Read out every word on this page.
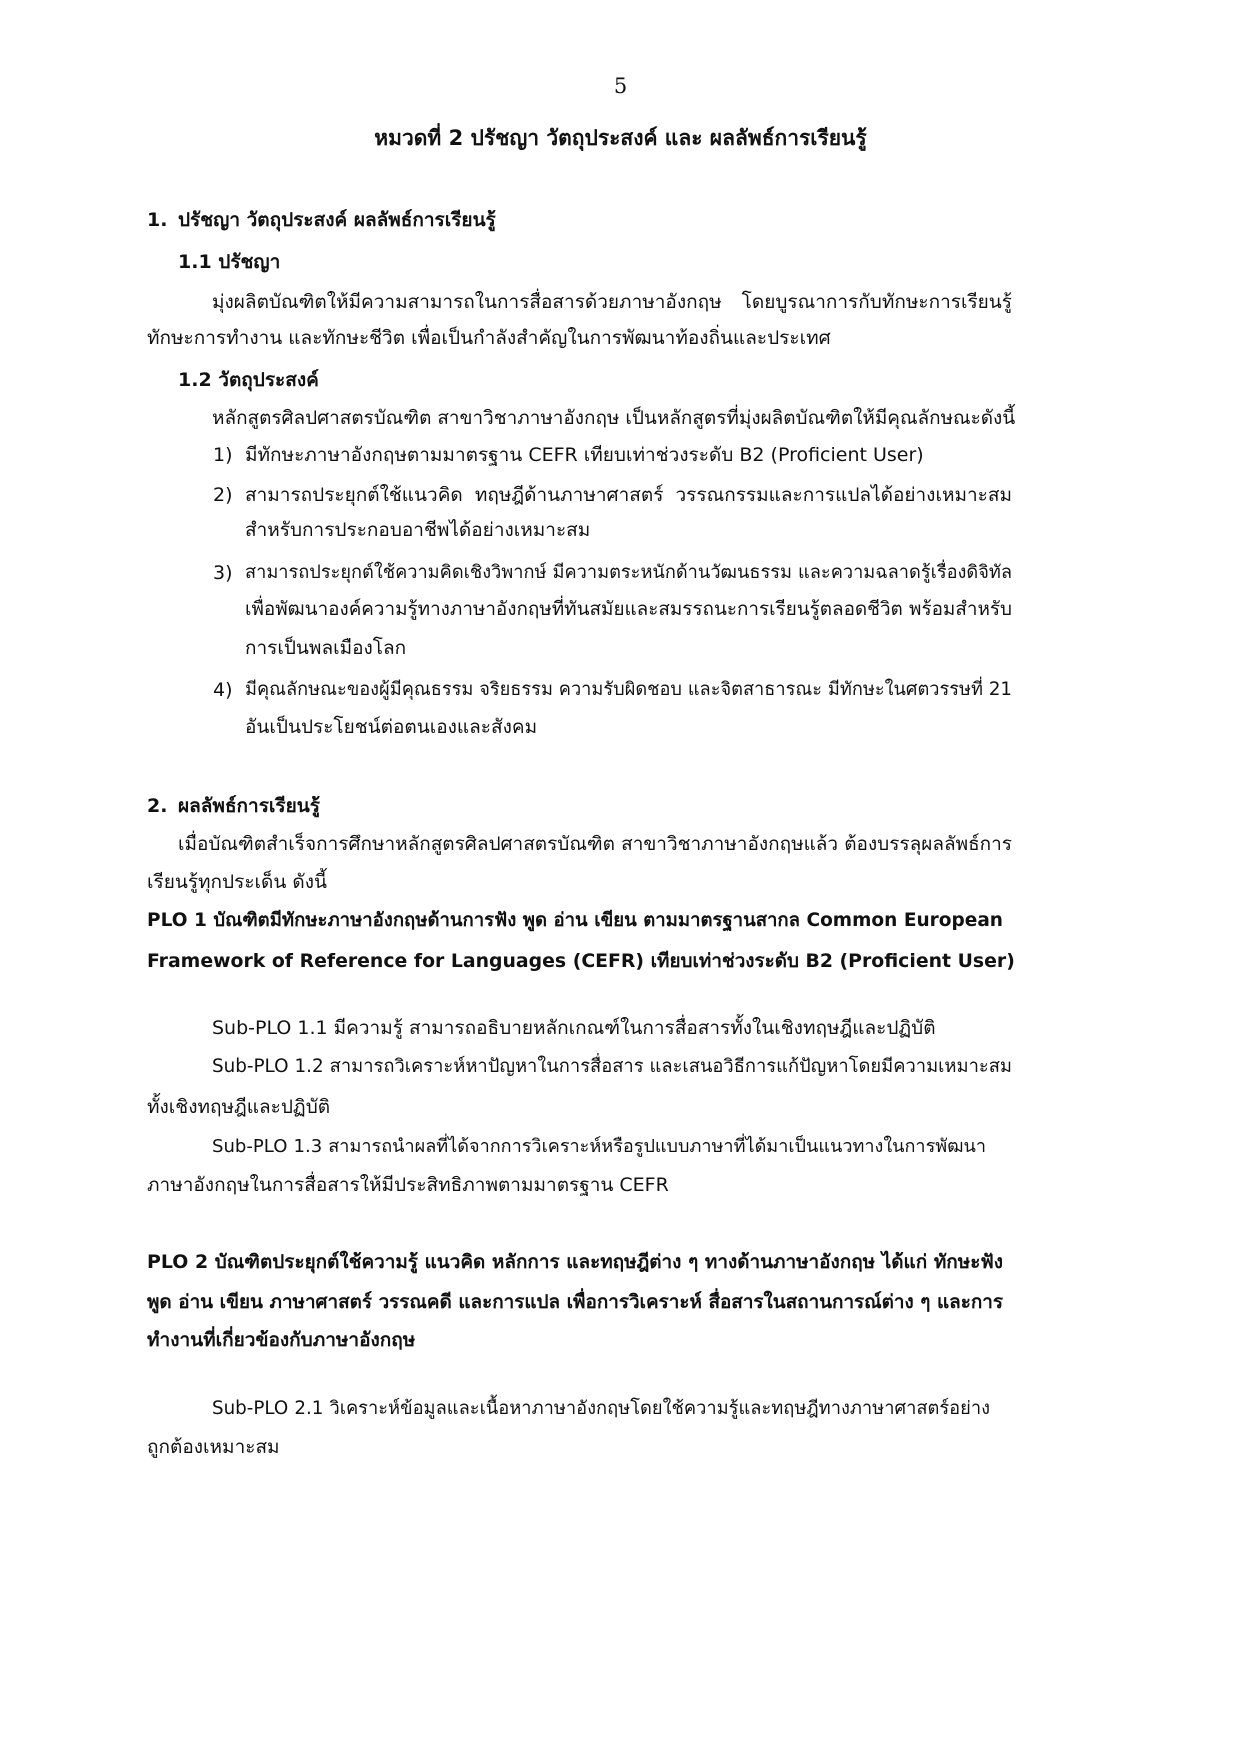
5
หมวดที่ 2 ปรัชญา วัตถุประสงค์ และ ผลลัพธ์การเรียนรู้
1. ปรัชญา วัตถุประสงค์ ผลลัพธ์การเรียนรู้
1.1 ปรัชญา
มุ่งผลิตบัณฑิตให้มีความสามารถในการสื่อสารด้วยภาษาอังกฤษ โดยบูรณาการกับทักษะการเรียนรู้
ทักษะการทำงาน และทักษะชีวิต เพื่อเป็นกำลังสำคัญในการพัฒนาท้องถิ่นและประเทศ
1.2 วัตถุประสงค์
หลักสูตรศิลปศาสตรบัณฑิต สาขาวิชาภาษาอังกฤษ เป็นหลักสูตรที่มุ่งผลิตบัณฑิตให้มีคุณลักษณะดังนี้
1) มีทักษะภาษาอังกฤษตามมาตรฐาน CEFR เทียบเท่าช่วงระดับ B2 (Proficient User)
2) สามารถประยุกต์ใช้แนวคิด ทฤษฎีด้านภาษาศาสตร์ วรรณกรรมและการแปลได้อย่างเหมาะสม
สำหรับการประกอบอาชีพได้อย่างเหมาะสม
3) สามารถประยุกต์ใช้ความคิดเชิงวิพากษ์ มีความตระหนักด้านวัฒนธรรม และความฉลาดรู้เรื่องดิจิทัล
เพื่อพัฒนาองค์ความรู้ทางภาษาอังกฤษที่ทันสมัยและสมรรถนะการเรียนรู้ตลอดชีวิต พร้อมสำหรับ
การเป็นพลเมืองโลก
4) มีคุณลักษณะของผู้มีคุณธรรม จริยธรรม ความรับผิดชอบ และจิตสาธารณะ มีทักษะในศตวรรษที่ 21
อันเป็นประโยชน์ต่อตนเองและสังคม
2. ผลลัพธ์การเรียนรู้
เมื่อบัณฑิตสำเร็จการศึกษาหลักสูตรศิลปศาสตรบัณฑิต สาขาวิชาภาษาอังกฤษแล้ว ต้องบรรลุผลลัพธ์การ
เรียนรู้ทุกประเด็น ดังนี้
PLO 1 บัณฑิตมีทักษะภาษาอังกฤษด้านการฟัง พูด อ่าน เขียน ตามมาตรฐานสากล Common European
Framework of Reference for Languages (CEFR) เทียบเท่าช่วงระดับ B2 (Proficient User)
Sub-PLO 1.1 มีความรู้ สามารถอธิบายหลักเกณฑ์ในการสื่อสารทั้งในเชิงทฤษฎีและปฏิบัติ
Sub-PLO 1.2 สามารถวิเคราะห์หาปัญหาในการสื่อสาร และเสนอวิธีการแก้ปัญหาโดยมีความเหมาะสม
ทั้งเชิงทฤษฎีและปฏิบัติ
Sub-PLO 1.3 สามารถนำผลที่ได้จากการวิเคราะห์หรือรูปแบบภาษาที่ได้มาเป็นแนวทางในการพัฒนา
ภาษาอังกฤษในการสื่อสารให้มีประสิทธิภาพตามมาตรฐาน CEFR
PLO 2 บัณฑิตประยุกต์ใช้ความรู้ แนวคิด หลักการ และทฤษฎีต่าง ๆ ทางด้านภาษาอังกฤษ ได้แก่ ทักษะฟัง
พูด อ่าน เขียน ภาษาศาสตร์ วรรณคดี และการแปล เพื่อการวิเคราะห์ สื่อสารในสถานการณ์ต่าง ๆ และการ
ทำงานที่เกี่ยวข้องกับภาษาอังกฤษ
Sub-PLO 2.1 วิเคราะห์ข้อมูลและเนื้อหาภาษาอังกฤษโดยใช้ความรู้และทฤษฎีทางภาษาศาสตร์อย่าง
ถูกต้องเหมาะสม
